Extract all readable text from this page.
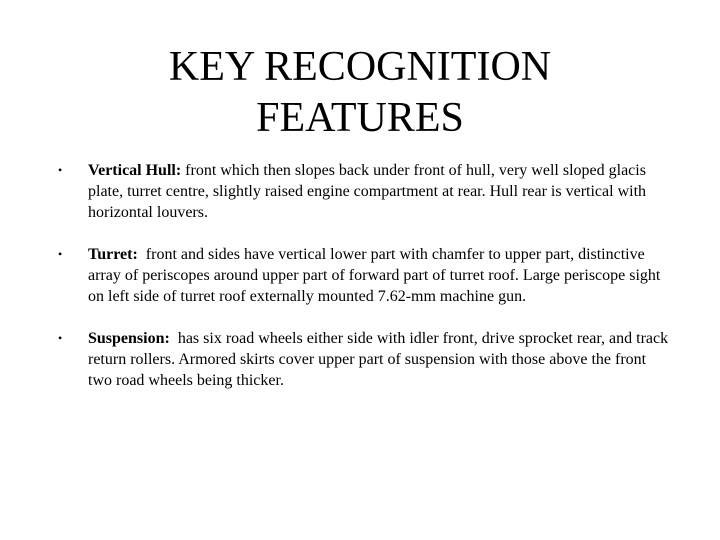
KEY RECOGNITION
FEATURES
• Vertical Hull: front which then slopes back under front of hull, very well sloped glacis plate, turret centre, slightly raised engine compartment at rear. Hull rear is vertical with horizontal louvers.
• Turret:  front and sides have vertical lower part with chamfer to upper part, distinctive array of periscopes around upper part of forward part of turret roof. Large periscope sight on left side of turret roof externally mounted 7.62-mm machine gun.
• Suspension:  has six road wheels either side with idler front, drive sprocket rear, and track return rollers. Armored skirts cover upper part of suspension with those above the front two road wheels being thicker.
